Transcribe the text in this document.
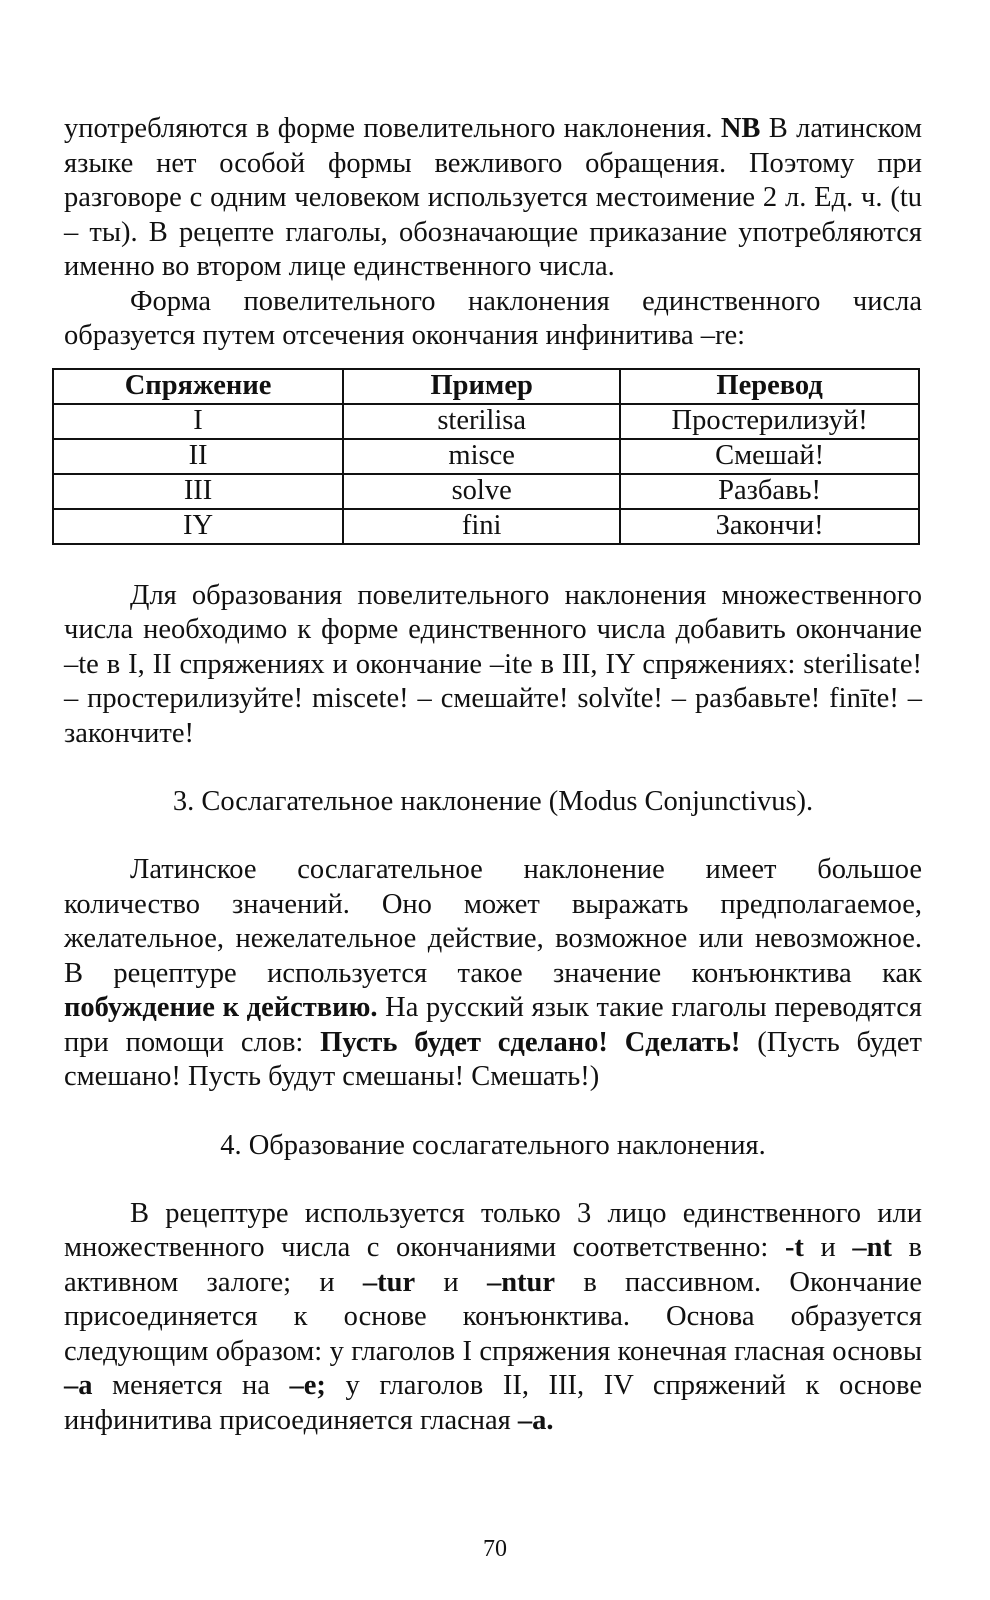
употребляются в форме повелительного наклонения. NB В латинском языке нет особой формы вежливого обращения. Поэтому при разговоре с одним человеком используется местоимение 2 л. Ед. ч. (tu – ты). В рецепте глаголы, обозначающие приказание употребляются именно во втором лице единственного числа.

Форма повелительного наклонения единственного числа образуется путем отсечения окончания инфинитива –re:

Спряжение	Пример	Перевод
I	sterilisa	Простерилизуй!
II	misce	Смешай!
III	solve	Разбавь!
IY	fini	Закончи!

Для образования повелительного наклонения множественного числа необходимо к форме единственного числа добавить окончание –te в I, II спряжениях и окончание –ite в III, IY спряжениях: sterilisate! – простерилизуйте! miscete! – смешайте! solvĭte! – разбавьте! finīte! – закончите!

3. Сослагательное наклонение (Modus Conjunctivus).

Латинское сослагательное наклонение имеет большое количество значений. Оно может выражать предполагаемое, желательное, нежелательное действие, возможное или невозможное. В рецептуре используется такое значение конъюнктива как побуждение к действию. На русский язык такие глаголы переводятся при помощи слов: Пусть будет сделано! Сделать! (Пусть будет смешано! Пусть будут смешаны! Смешать!)

4. Образование сослагательного наклонения.

В рецептуре используется только 3 лицо единственного или множественного числа с окончаниями соответственно: -t и –nt в активном залоге; и –tur и –ntur в пассивном. Окончание присоединяется к основе конъюнктива. Основа образуется следующим образом: у глаголов I спряжения конечная гласная основы –a меняется на –e; у глаголов II, III, IV спряжений к основе инфинитива присоединяется гласная –a.

70
